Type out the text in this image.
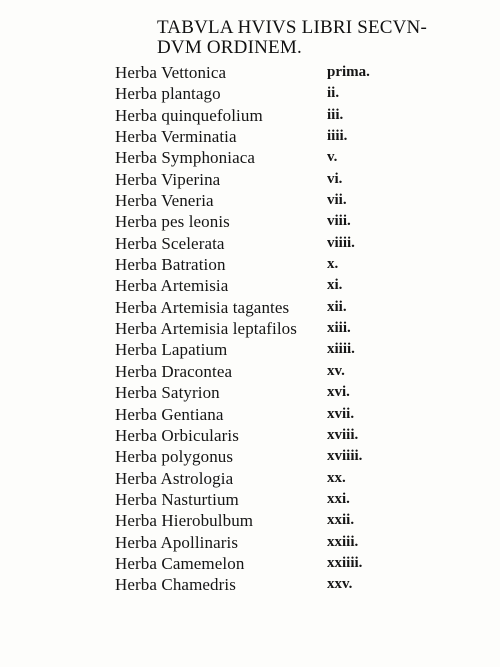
TABVLA HVIVS LIBRI SECVN-
DVM ORDINEM.
Herba Vettonica	prima.
Herba plantago	ii.
Herba quinquefolium	iii.
Herba Verminatia	iiii.
Herba Symphoniaca	v.
Herba Viperina	vi.
Herba Veneria	vii.
Herba pes leonis	viii.
Herba Scelerata	viiii.
Herba Batration	x.
Herba Artemisia	xi.
Herba Artemisia tagantes	xii.
Herba Artemisia leptafilos xiii.
Herba Lapatium	xiiii.
Herba Dracontea	xv.
Herba Satyrion	xvi.
Herba Gentiana	xvii.
Herba Orbicularis	xviii.
Herba polygonus	xviiii.
Herba Astrologia	xx.
Herba Nasturtium	xxi.
Herba Hierobulbum	xxii.
Herba Apollinaris	xxiii.
Herba Camemelon	xxiiii.
Herba Chamedris	xxv.
